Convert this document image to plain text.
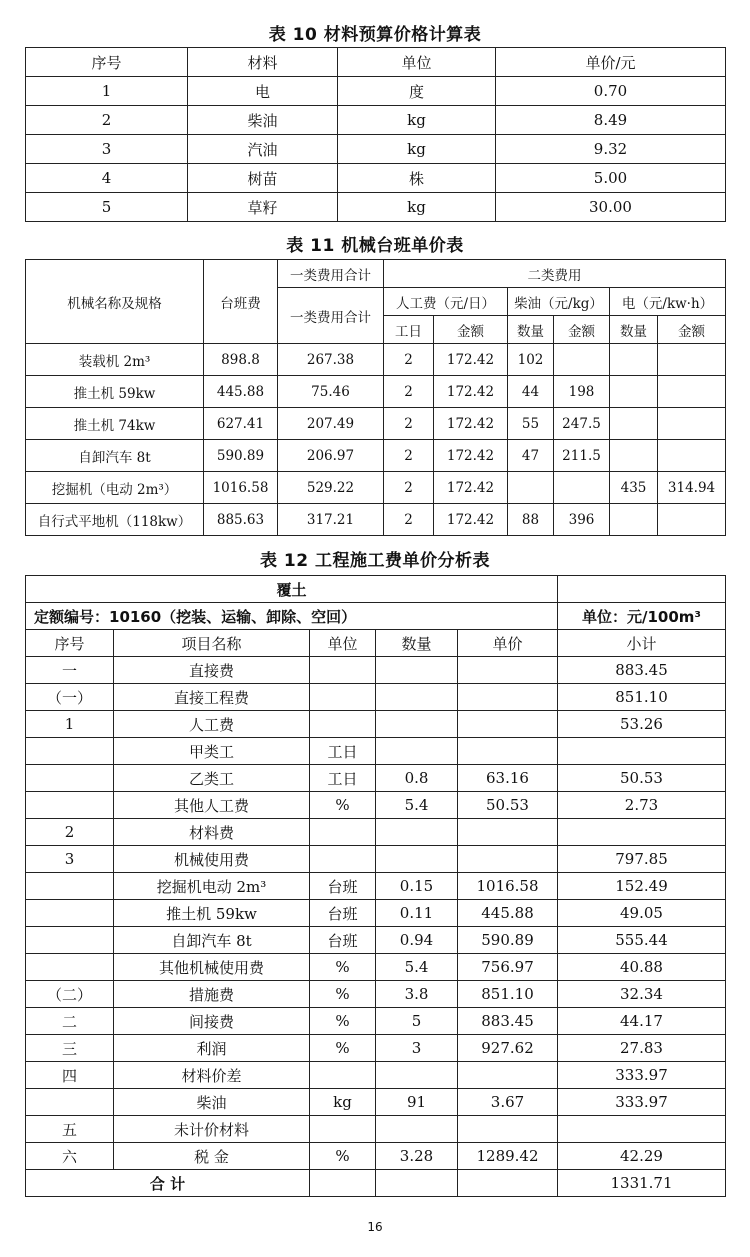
表 10 材料预算价格计算表
序号	材料	单位	单价/元
1	电	度	0.70
2	柴油	kg	8.49
3	汽油	kg	9.32
4	树苗	株	5.00
5	草籽	kg	30.00
表 11 机械台班单价表
机械名称及规格	台班费	一类费用合计	二类费用					
		一类费用合计	人工费（元/日）		柴油（元/kg）		电（元/kw·h）	
			工日	金额	数量	金额	数量	金额
装载机 2m³	898.8	267.38	2	172.42	102			
推土机 59kw	445.88	75.46	2	172.42	44	198		
推土机 74kw	627.41	207.49	2	172.42	55	247.5		
自卸汽车 8t	590.89	206.97	2	172.42	47	211.5		
挖掘机（电动 2m³）	1016.58	529.22	2	172.42			435	314.94
自行式平地机（118kw）	885.63	317.21	2	172.42	88	396		
表 12 工程施工费单价分析表
覆土					
定额编号：10160（挖装、运输、卸除、空回）					单位：元/100m³
序号	项目名称	单位	数量	单价	小计
一	直接费				883.45
（一）	直接工程费				851.10
1	人工费				53.26
	甲类工	工日			
	乙类工	工日	0.8	63.16	50.53
	其他人工费	%	5.4	50.53	2.73
2	材料费				
3	机械使用费				797.85
	挖掘机电动 2m³	台班	0.15	1016.58	152.49
	推土机 59kw	台班	0.11	445.88	49.05
	自卸汽车 8t	台班	0.94	590.89	555.44
	其他机械使用费	%	5.4	756.97	40.88
（二）	措施费	%	3.8	851.10	32.34
二	间接费	%	5	883.45	44.17
三	利润	%	3	927.62	27.83
四	材料价差				333.97
	柴油	kg	91	3.67	333.97
五	未计价材料				
六	税 金	%	3.28	1289.42	42.29
合 计					1331.71
16
